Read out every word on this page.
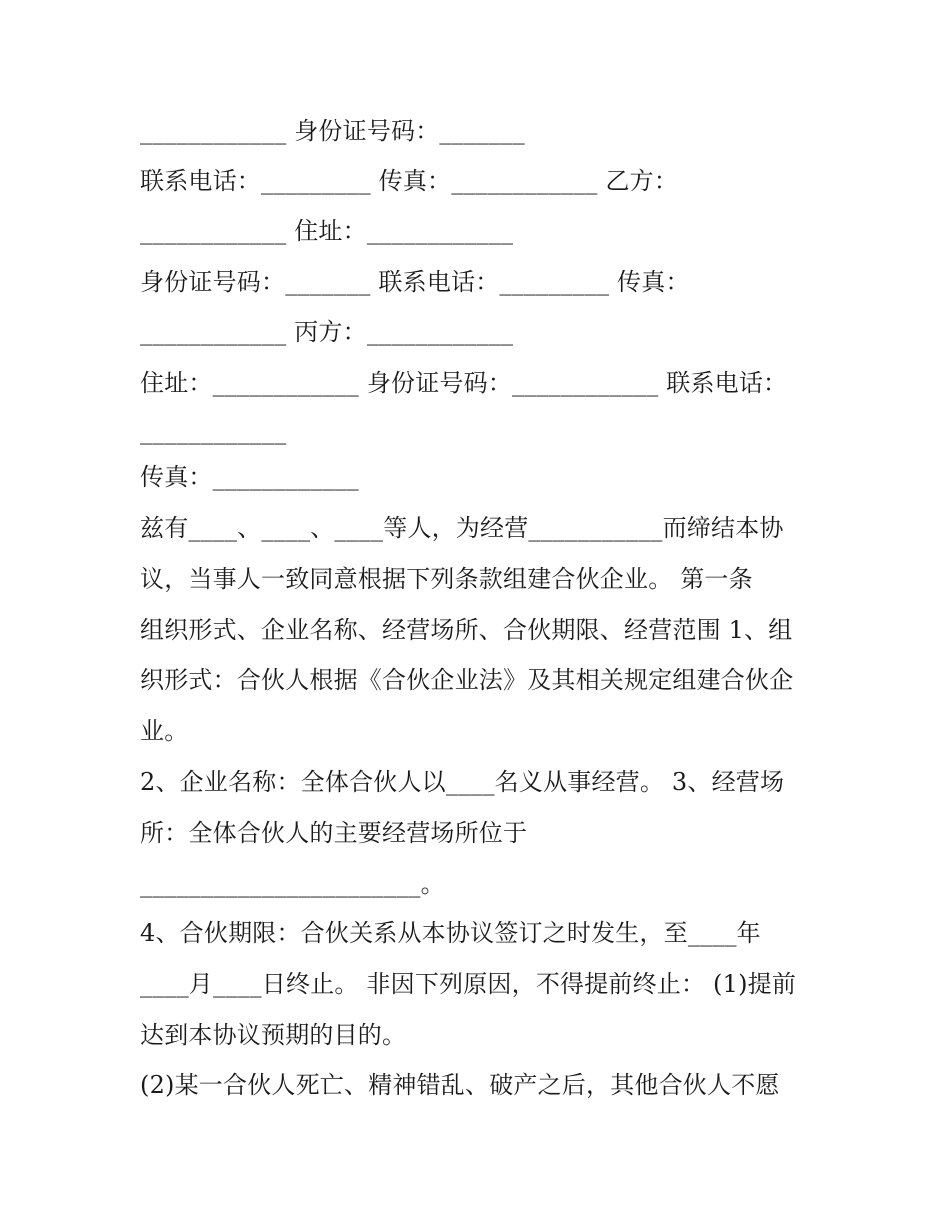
____________ 身份证号码：_______
联系电话：_________ 传真：____________ 乙方：
____________ 住址：____________
身份证号码：_______ 联系电话：_________ 传真：
____________ 丙方：____________
住址：____________ 身份证号码：____________ 联系电话：
____________
传真：____________
兹有____、____、____等人，为经营___________而缔结本协
议，当事人一致同意根据下列条款组建合伙企业。 第一条
组织形式、企业名称、经营场所、合伙期限、经营范围 1、组
织形式：合伙人根据《合伙企业法》及其相关规定组建合伙企
业。
2、企业名称：全体合伙人以____名义从事经营。 3、经营场
所：全体合伙人的主要经营场所位于
_______________________。
4、合伙期限：合伙关系从本协议签订之时发生，至____年
____月____日终止。 非因下列原因，不得提前终止： (1)提前
达到本协议预期的目的。
(2)某一合伙人死亡、精神错乱、破产之后，其他合伙人不愿
